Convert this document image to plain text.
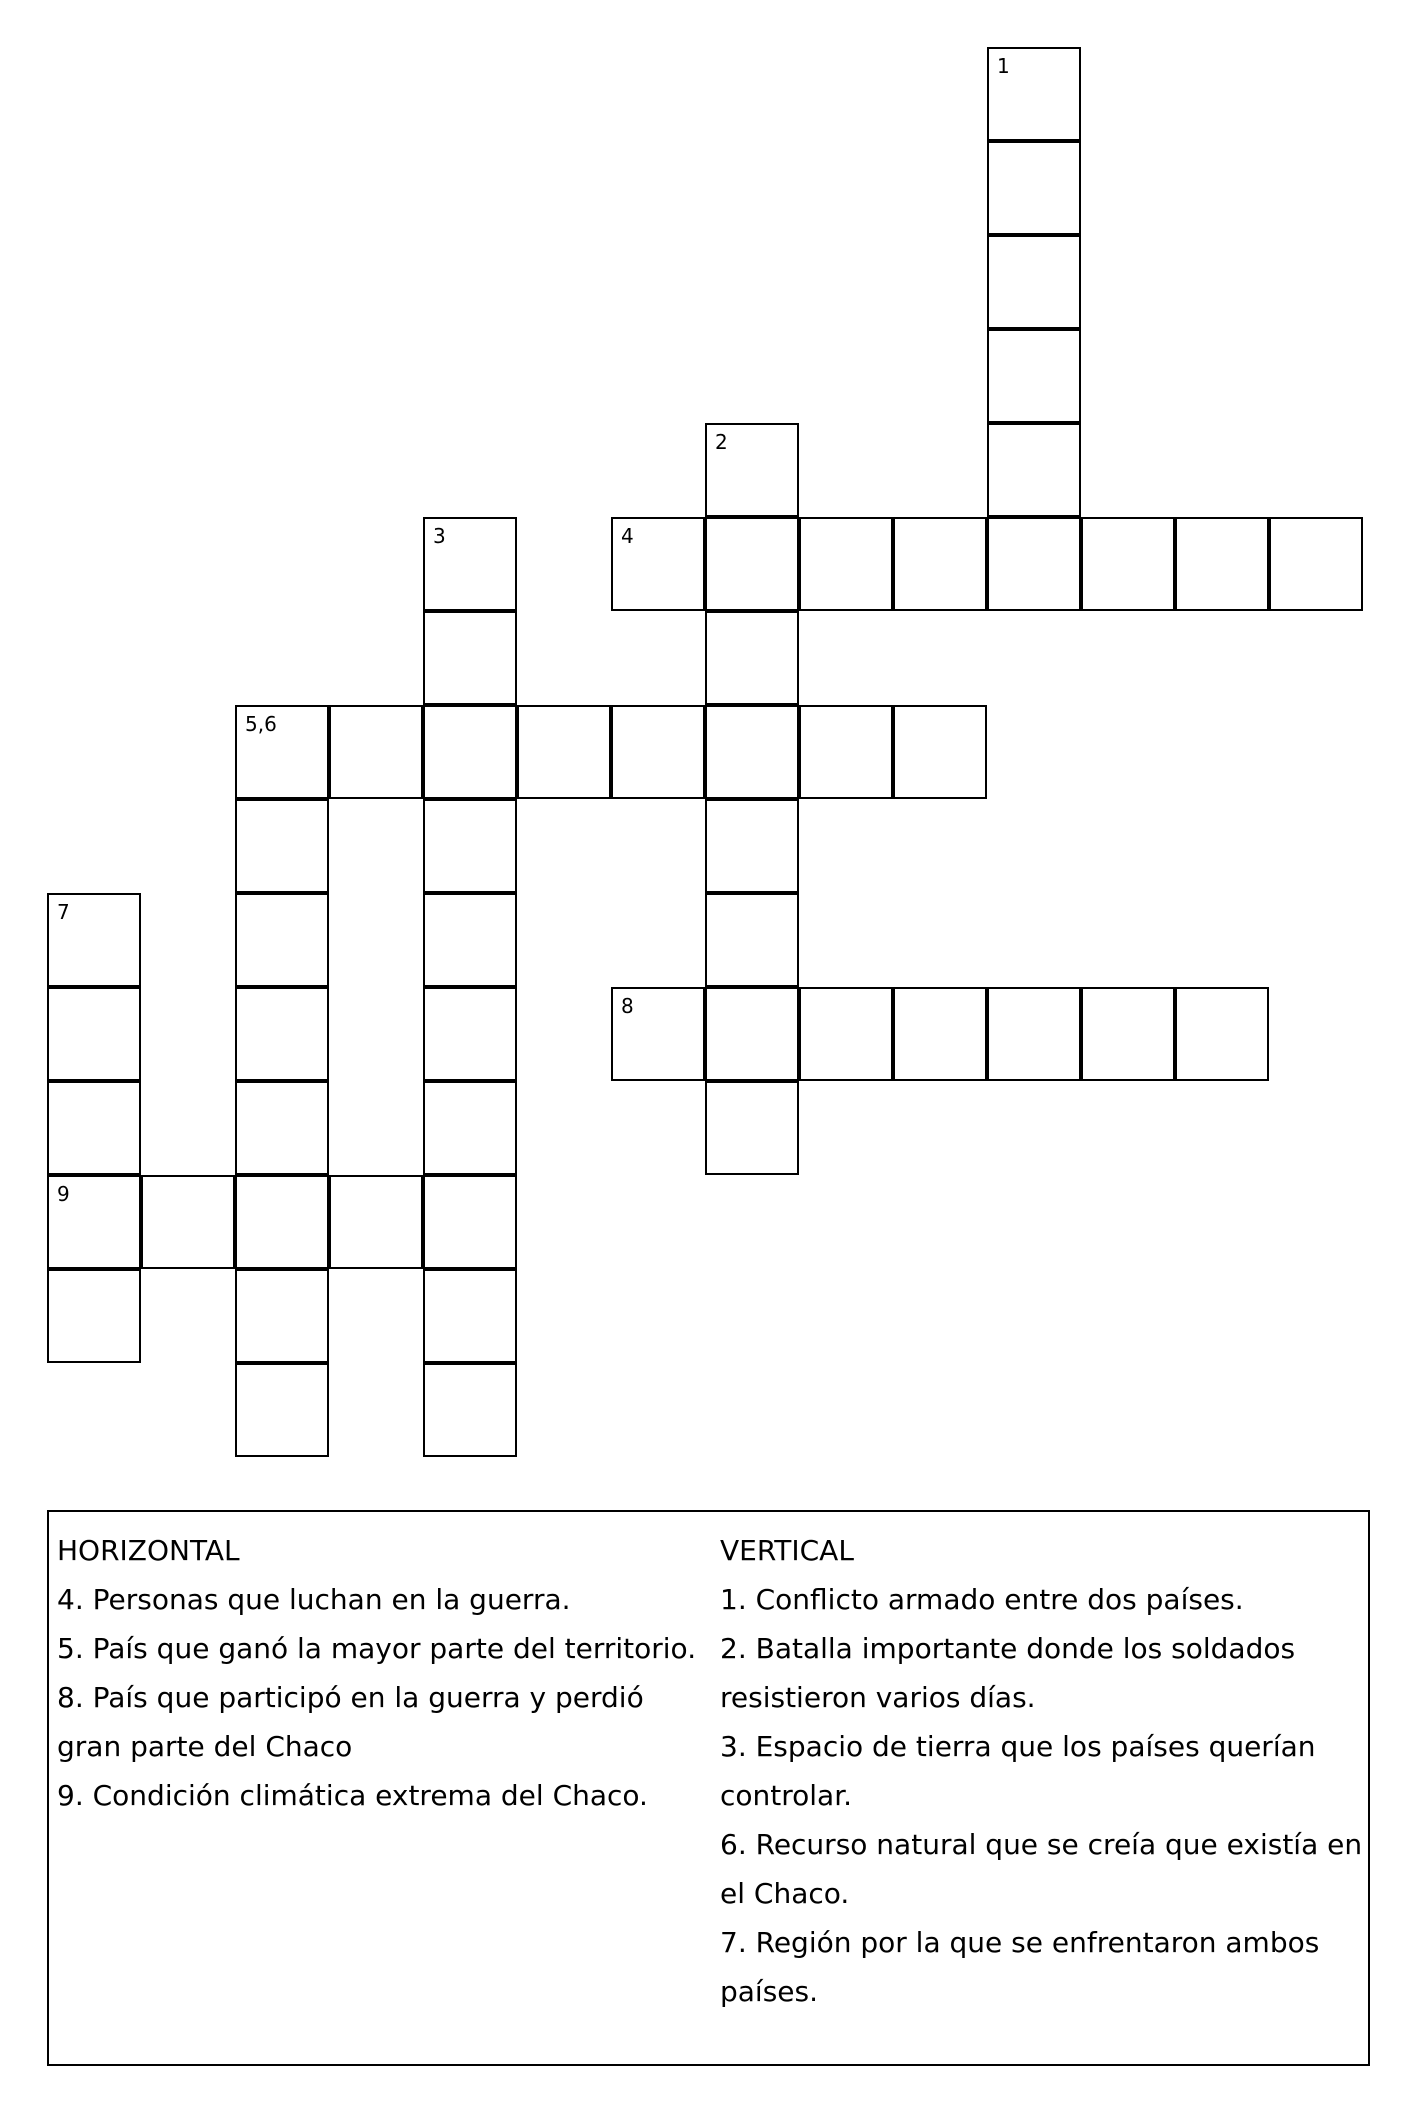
1
2
3	4
5,6
7
9
8

HORIZONTAL

4. Personas que luchan en la guerra.

5. País que ganó la mayor parte del territorio.

8. País que participó en la guerra y perdió gran parte del Chaco

9. Condición climática extrema del Chaco.

VERTICAL

1. Conflicto armado entre dos países.

2. Batalla importante donde los soldados resistieron varios días.

3. Espacio de tierra que los países querían controlar.

6. Recurso natural que se creía que existía en el Chaco.

7. Región por la que se enfrentaron ambos países.
